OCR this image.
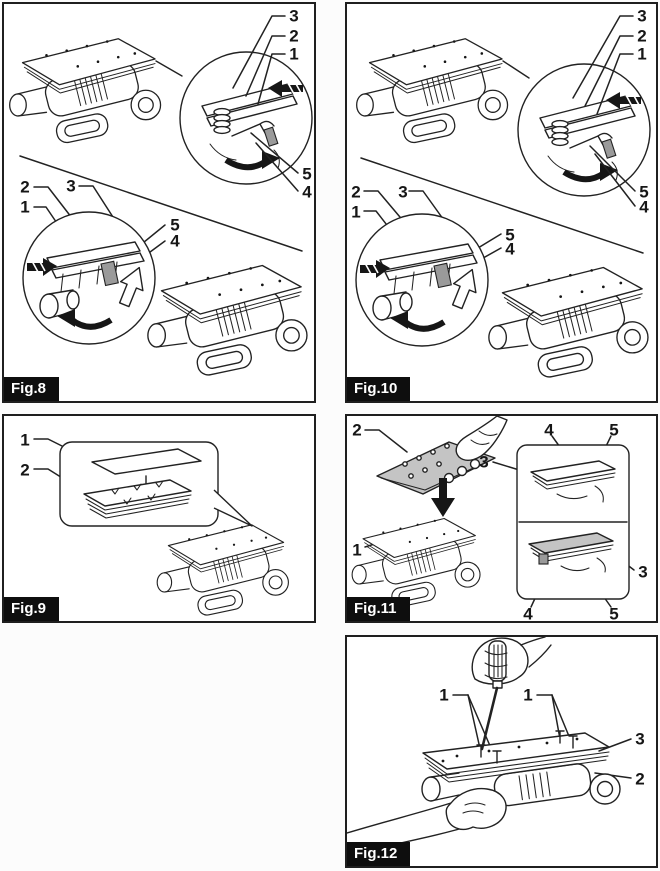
3
2
1
5
4
2 3
1
5
4
Fig.8
3
2
1
5
4
2 3
1
5
4
Fig.10
1
2
Fig.9
2
3
1
4	5
3
4	5
Fig.11
1	1
3
2
Fig.12
